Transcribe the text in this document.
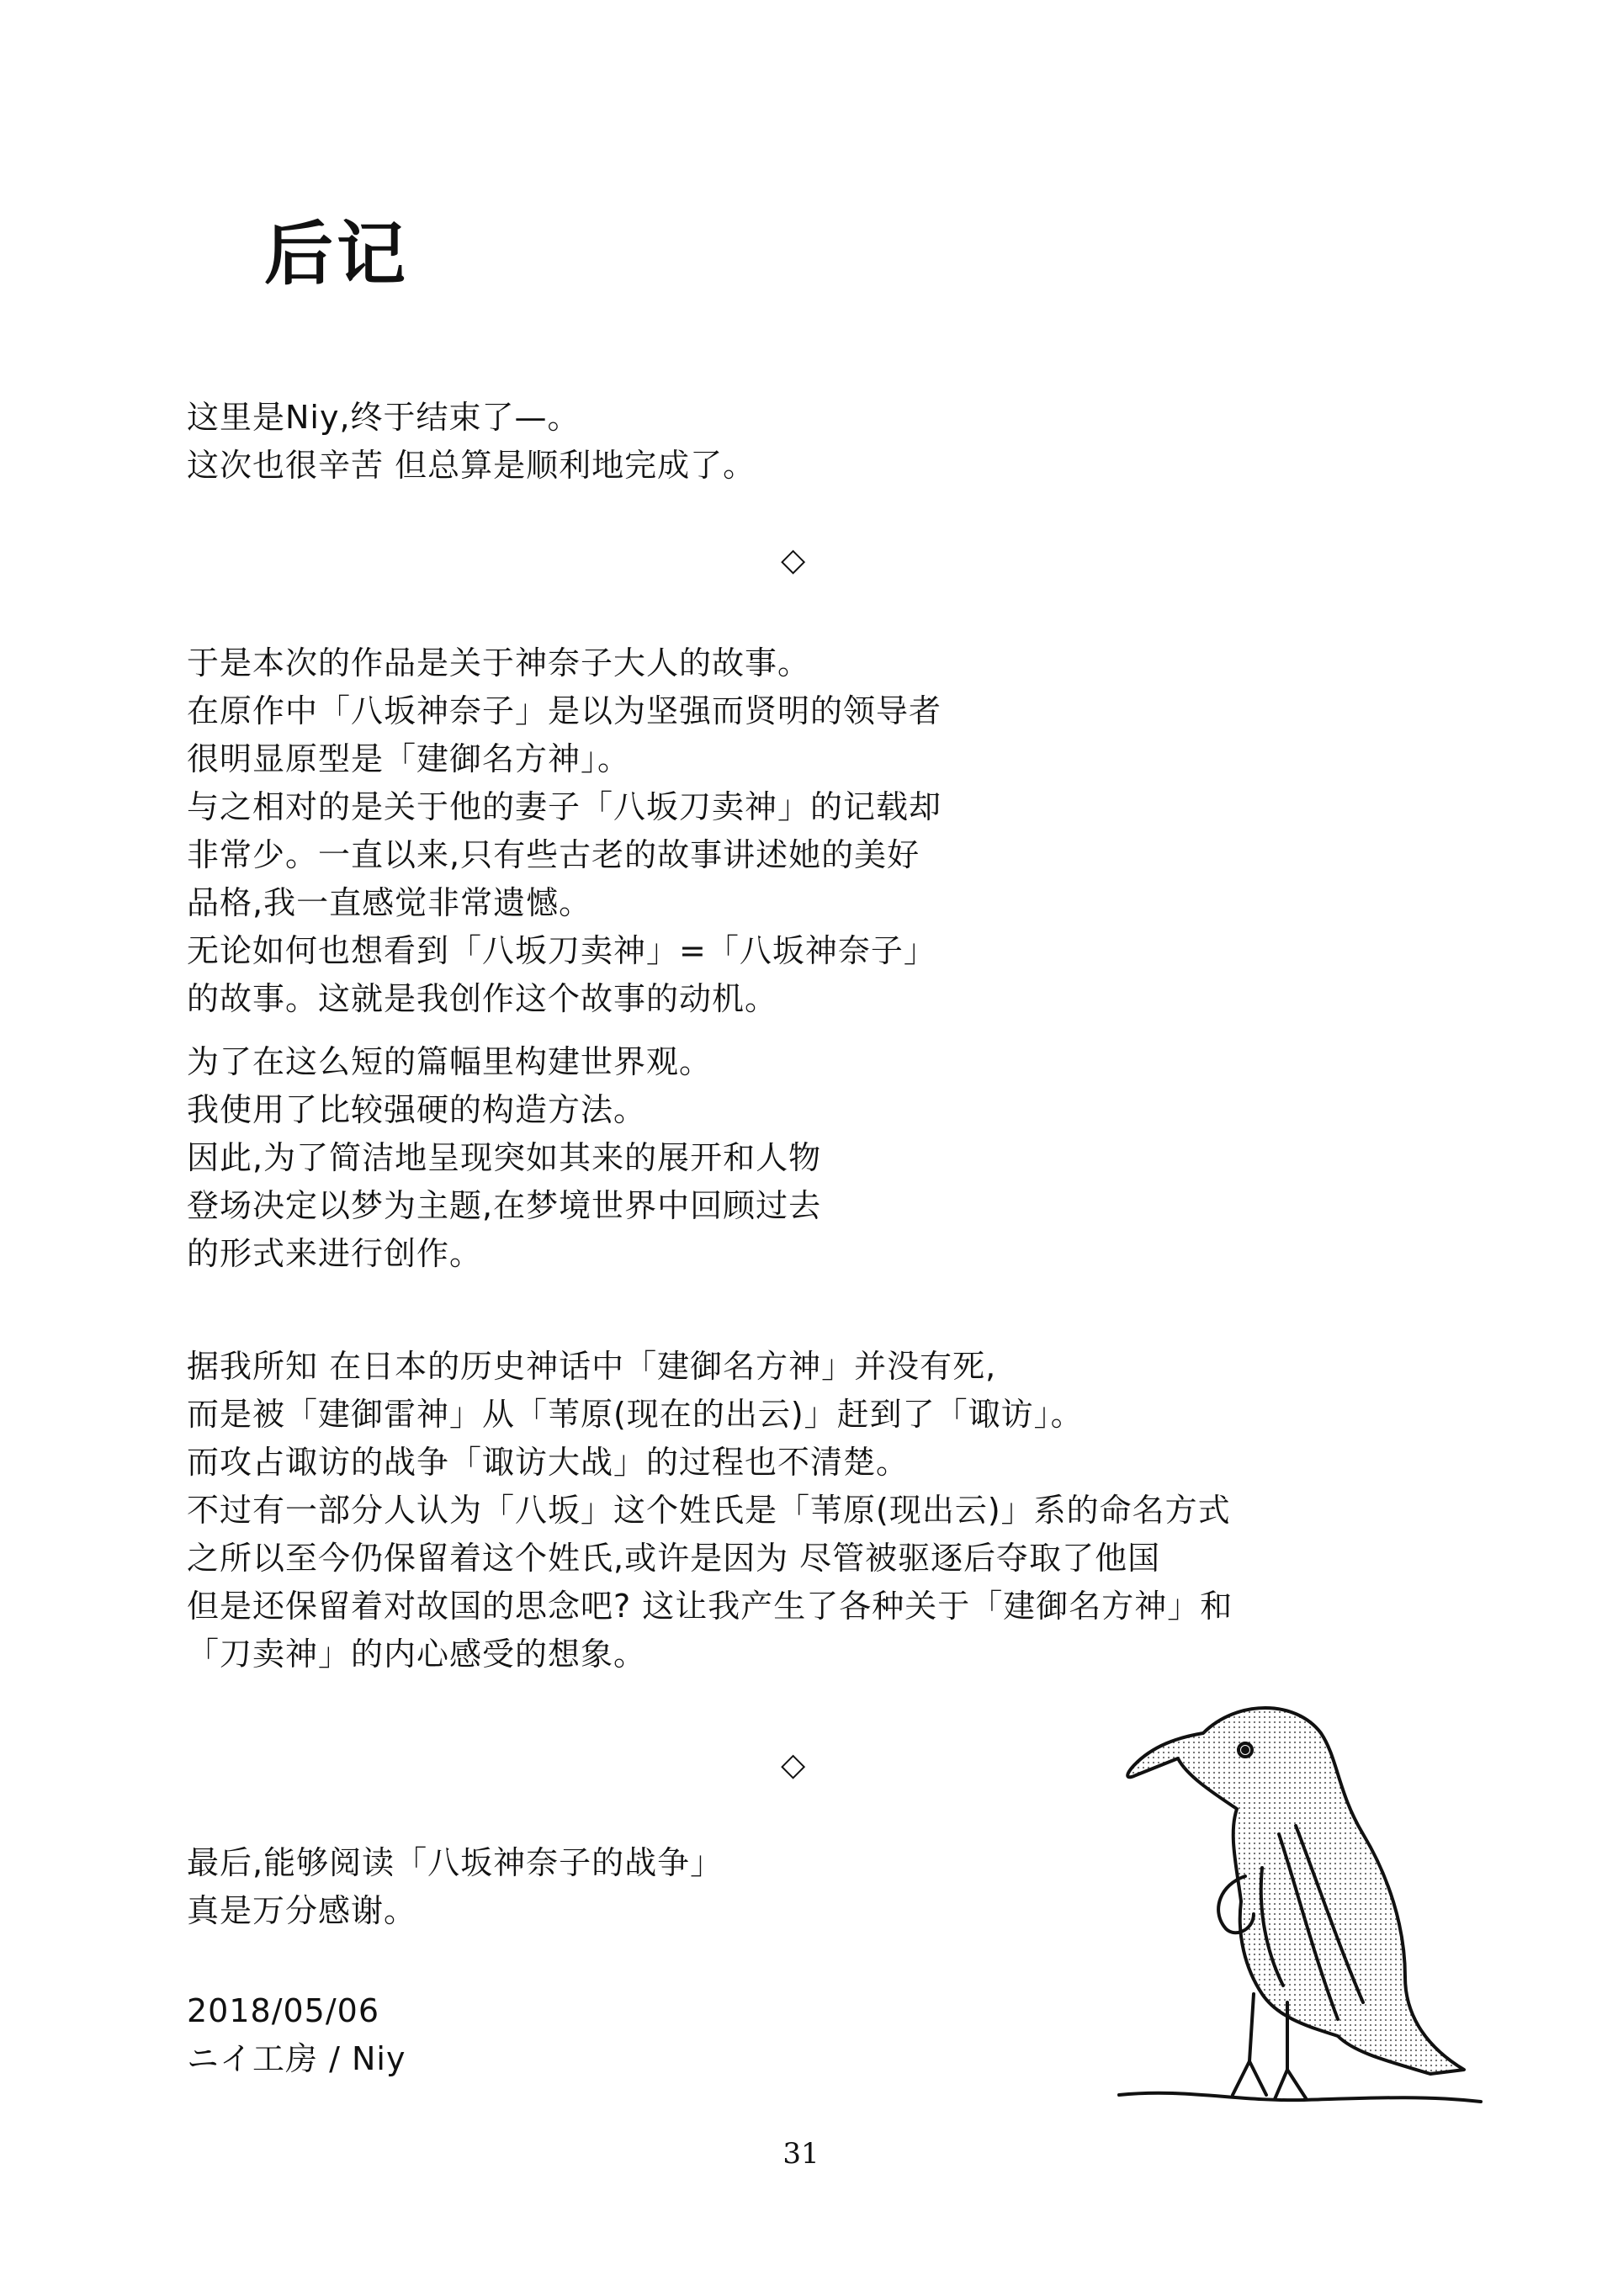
后记
这里是Niy,终于结束了—。
这次也很辛苦 但总算是顺利地完成了。
◇
于是本次的作品是关于神奈子大人的故事。
在原作中「八坂神奈子」是以为坚强而贤明的领导者
很明显原型是「建御名方神」。
与之相对的是关于他的妻子「八坂刀卖神」的记载却
非常少。一直以来,只有些古老的故事讲述她的美好
品格,我一直感觉非常遗憾。
无论如何也想看到「八坂刀卖神」=「八坂神奈子」
的故事。这就是我创作这个故事的动机。
为了在这么短的篇幅里构建世界观。
我使用了比较强硬的构造方法。
因此,为了简洁地呈现突如其来的展开和人物
登场决定以梦为主题,在梦境世界中回顾过去
的形式来进行创作。
据我所知 在日本的历史神话中「建御名方神」并没有死,
而是被「建御雷神」从「苇原(现在的出云)」赶到了「诹访」。
而攻占诹访的战争「诹访大战」的过程也不清楚。
不过有一部分人认为「八坂」这个姓氏是「苇原(现出云)」系的命名方式
之所以至今仍保留着这个姓氏,或许是因为 尽管被驱逐后夺取了他国
但是还保留着对故国的思念吧? 这让我产生了各种关于「建御名方神」和
「刀卖神」的内心感受的想象。
◇
最后,能够阅读「八坂神奈子的战争」
真是万分感谢。
2018/05/06
ニイ工房 / Niy
31
